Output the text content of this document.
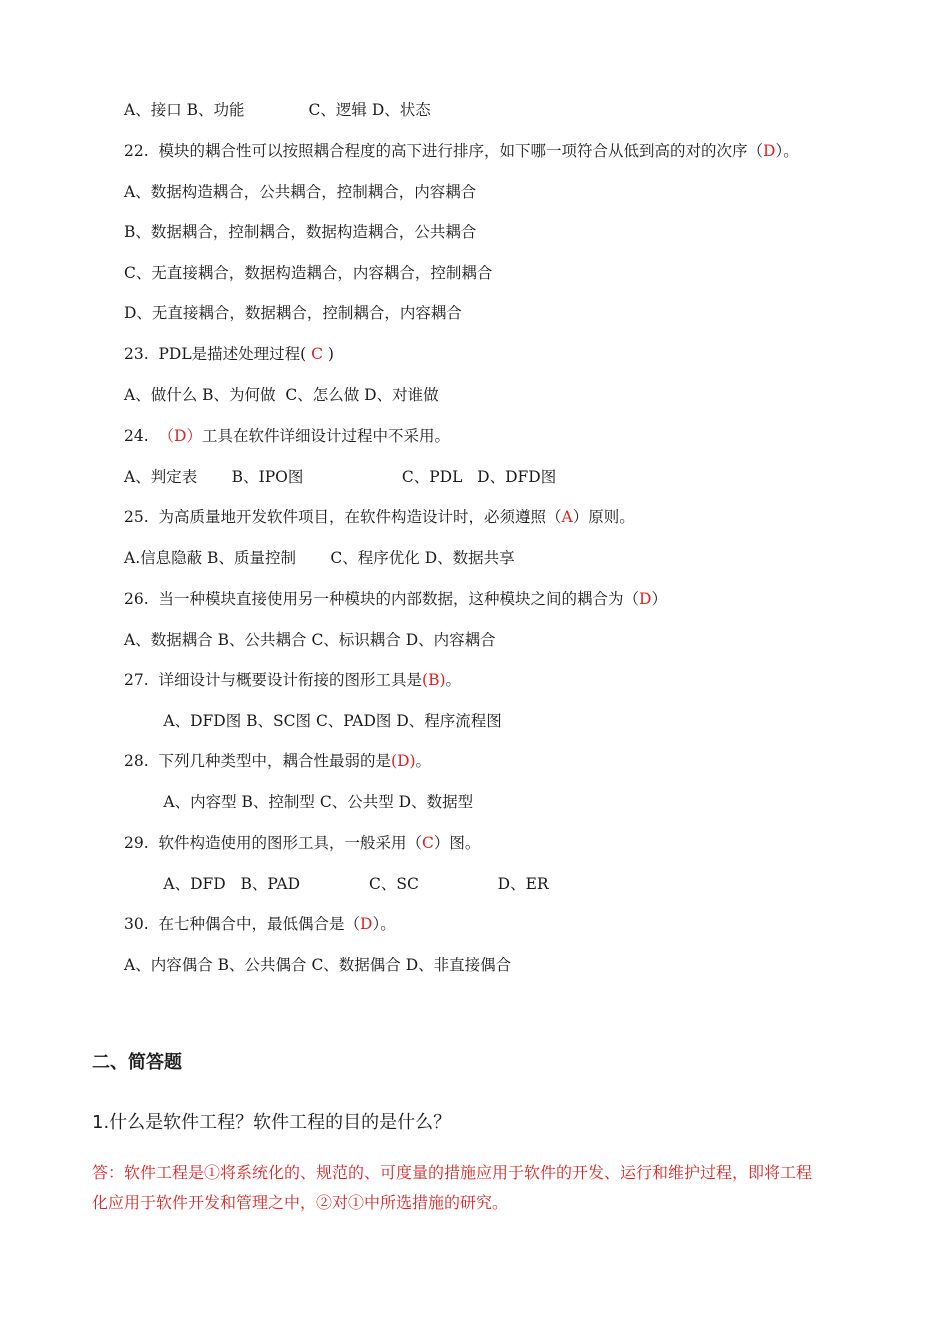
A、接口 B、功能             C、逻辑 D、状态
22.  模块的耦合性可以按照耦合程度的高下进行排序，如下哪一项符合从低到高的对的次序（D）。
A、数据构造耦合，公共耦合，控制耦合，内容耦合
B、数据耦合，控制耦合，数据构造耦合，公共耦合
C、无直接耦合，数据构造耦合，内容耦合，控制耦合
D、无直接耦合，数据耦合，控制耦合，内容耦合
23.  PDL是描述处理过程( C )
A、做什么 B、为何做  C、怎么做 D、对谁做
24.  （D）工具在软件详细设计过程中不采用。
A、判定表       B、IPO图                    C、PDL   D、DFD图
25.  为高质量地开发软件项目，在软件构造设计时，必须遵照（A）原则。
A.信息隐蔽 B、质量控制       C、程序优化 D、数据共享
26.  当一种模块直接使用另一种模块的内部数据，这种模块之间的耦合为（D）
A、数据耦合 B、公共耦合 C、标识耦合 D、内容耦合
27.  详细设计与概要设计衔接的图形工具是(B)。
A、DFD图 B、SC图 C、PAD图 D、程序流程图
28.  下列几种类型中，耦合性最弱的是(D)。
A、内容型 B、控制型 C、公共型 D、数据型
29.  软件构造使用的图形工具，一般采用（C）图。
A、DFD   B、PAD              C、SC                D、ER
30.  在七种偶合中，最低偶合是（D）。
A、内容偶合 B、公共偶合 C、数据偶合 D、非直接偶合
二、简答题
1.什么是软件工程？软件工程的目的是什么？
答：软件工程是①将系统化的、规范的、可度量的措施应用于软件的开发、运行和维护过程，即将工程
化应用于软件开发和管理之中，②对①中所选措施的研究。
